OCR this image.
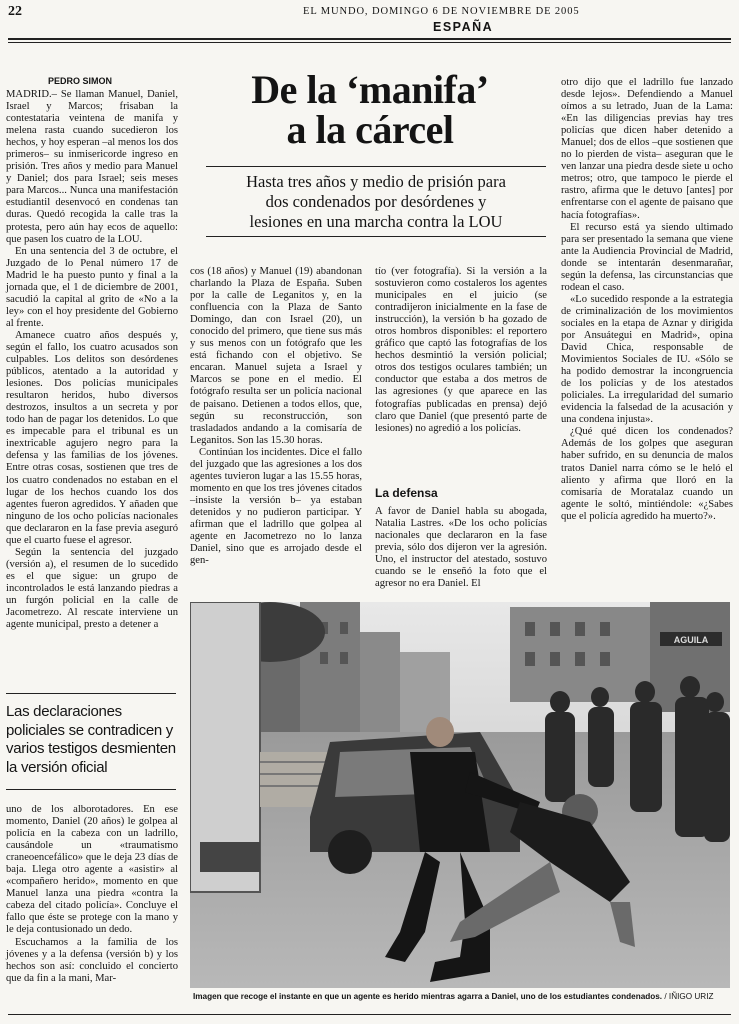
22	EL MUNDO, DOMINGO 6 DE NOVIEMBRE DE 2005
ESPAÑA
De la ‘manifa’
a la cárcel
Hasta tres años y medio de prisión para
dos condenados por desórdenes y
lesiones en una marcha contra la LOU
PEDRO SIMON

MADRID.– Se llaman Manuel, Daniel, Israel y Marcos; frisaban la contestataria veintena de manifa y melena rasta cuando sucedieron los hechos, y hoy esperan –al menos los dos primeros– su inmisericorde ingreso en prisión. Tres años y medio para Manuel y Daniel; dos para Israel; seis meses para Marcos... Nunca una manifestación estudiantil desenvocó en condenas tan duras. Quedó recogida la calle tras la protesta, pero aún hay ecos de aquello: que pasen los cuatro de la LOU.

En una sentencia del 3 de octubre, el Juzgado de lo Penal número 17 de Madrid le ha puesto punto y final a la jornada que, el 1 de diciembre de 2001, sacudió la capital al grito de «No a la ley» con el hoy presidente del Gobierno al frente.

Amanece cuatro años después y, según el fallo, los cuatro acusados son culpables. Los delitos son desórdenes públicos, atentado a la autoridad y lesiones. Dos policías municipales resultaron heridos, hubo diversos destrozos, insultos a un secreta y por todo han de pagar los detenidos. Lo que es impecable para el tribunal es un inextricable agujero negro para la defensa y las familias de los jóvenes. Entre otras cosas, sostienen que tres de los cuatro condenados no estaban en el lugar de los hechos cuando los dos agentes fueron agredidos. Y añaden que ninguno de los ocho policías nacionales que declararon en la fase previa aseguró que el cuarto fuese el agresor.

Según la sentencia del juzgado (versión a), el resumen de lo sucedido es el que sigue: un grupo de incontrolados le está lanzando piedras a un furgón policial en la calle de Jacometrezo. Al rescate interviene un agente municipal, presto a detener a

Las declaraciones policiales se contradicen y varios testigos desmienten la versión oficial

uno de los alborotadores. En ese momento, Daniel (20 años) le golpea al policía en la cabeza con un ladrillo, causándole un «traumatismo craneoencefálico» que le deja 23 días de baja. Llega otro agente a «asistir» al «compañero herido», momento en que Manuel lanza una piedra «contra la cabeza del citado policía». Concluye el fallo que éste se protege con la mano y le deja contusionado un dedo.

Escuchamos a la familia de los jóvenes y a la defensa (versión b) y los hechos son así: concluido el concierto que da fin a la mani, Mar-

cos (18 años) y Manuel (19) abandonan charlando la Plaza de España. Suben por la calle de Leganitos y, en la confluencia con la Plaza de Santo Domingo, dan con Israel (20), un conocido del primero, que tiene sus más y sus menos con un fotógrafo que les está fichando con el objetivo. Se encaran. Manuel sujeta a Israel y Marcos se pone en el medio. El fotógrafo resulta ser un policía nacional de paisano. Detienen a todos ellos, que, según su reconstrucción, son trasladados andando a la comisaría de Leganitos. Son las 15.30 horas.

Continúan los incidentes. Dice el fallo del juzgado que las agresiones a los dos agentes tuvieron lugar a las 15.55 horas, momento en que los tres jóvenes citados –insiste la versión b– ya estaban detenidos y no pudieron participar. Y afirman que el ladrillo que golpea al agente en Jacometrezo no lo lanza Daniel, sino que es arrojado desde el gen-

tío (ver fotografía). Si la versión a la sostuvieron como costaleros los agentes municipales en el juicio (se contradijeron inicialmente en la fase de instrucción), la versión b ha gozado de otros hombros disponibles: el reportero gráfico que captó las fotografías de los hechos desmintió la versión policial; otros dos testigos oculares también; un conductor que estaba a dos metros de las agresiones (y que aparece en las fotografías publicadas en prensa) dejó claro que Daniel (que presentó parte de lesiones) no agredió a los policías.

La defensa

A favor de Daniel habla su abogada, Natalia Lastres. «De los ocho policías nacionales que declararon en la fase previa, sólo dos dijeron ver la agresión. Uno, el instructor del atestado, sostuvo cuando se le enseñó la foto que el agresor no era Daniel. El

otro dijo que el ladrillo fue lanzado desde lejos». Defendiendo a Manuel oímos a su letrado, Juan de la Lama: «En las diligencias previas hay tres policías que dicen haber detenido a Manuel; dos de ellos –que sostienen que no lo pierden de vista– aseguran que le ven lanzar una piedra desde siete u ocho metros; otro, que tampoco le pierde el rastro, afirma que le detuvo [antes] por enfrentarse con el agente de paisano que hacía fotografías».

El recurso está ya siendo ultimado para ser presentado la semana que viene ante la Audiencia Provincial de Madrid, donde se intentarán desenmarañar, según la defensa, las circunstancias que rodean el caso.

«Lo sucedido responde a la estrategia de criminalización de los movimientos sociales en la etapa de Aznar y dirigida por Ansuátegui en Madrid», opina David Chica, responsable de Movimientos Sociales de IU. «Sólo se ha podido demostrar la incongruencia de los policías y de los atestados policiales. La irregularidad del sumario evidencia la falsedad de la acusación y una condena injusta».

¿Qué qué dicen los condenados? Además de los golpes que aseguran haber sufrido, en su denuncia de malos tratos Daniel narra cómo se le heló el aliento y afirma que lloró en la comisaría de Moratalaz cuando un agente le soltó, mintiéndole: «¿Sabes que el policía agredido ha muerto?».

AGUILA
Imagen que recoge el instante en que un agente es herido mientras agarra a Daniel, uno de los estudiantes condenados. / IÑIGO URIZ
